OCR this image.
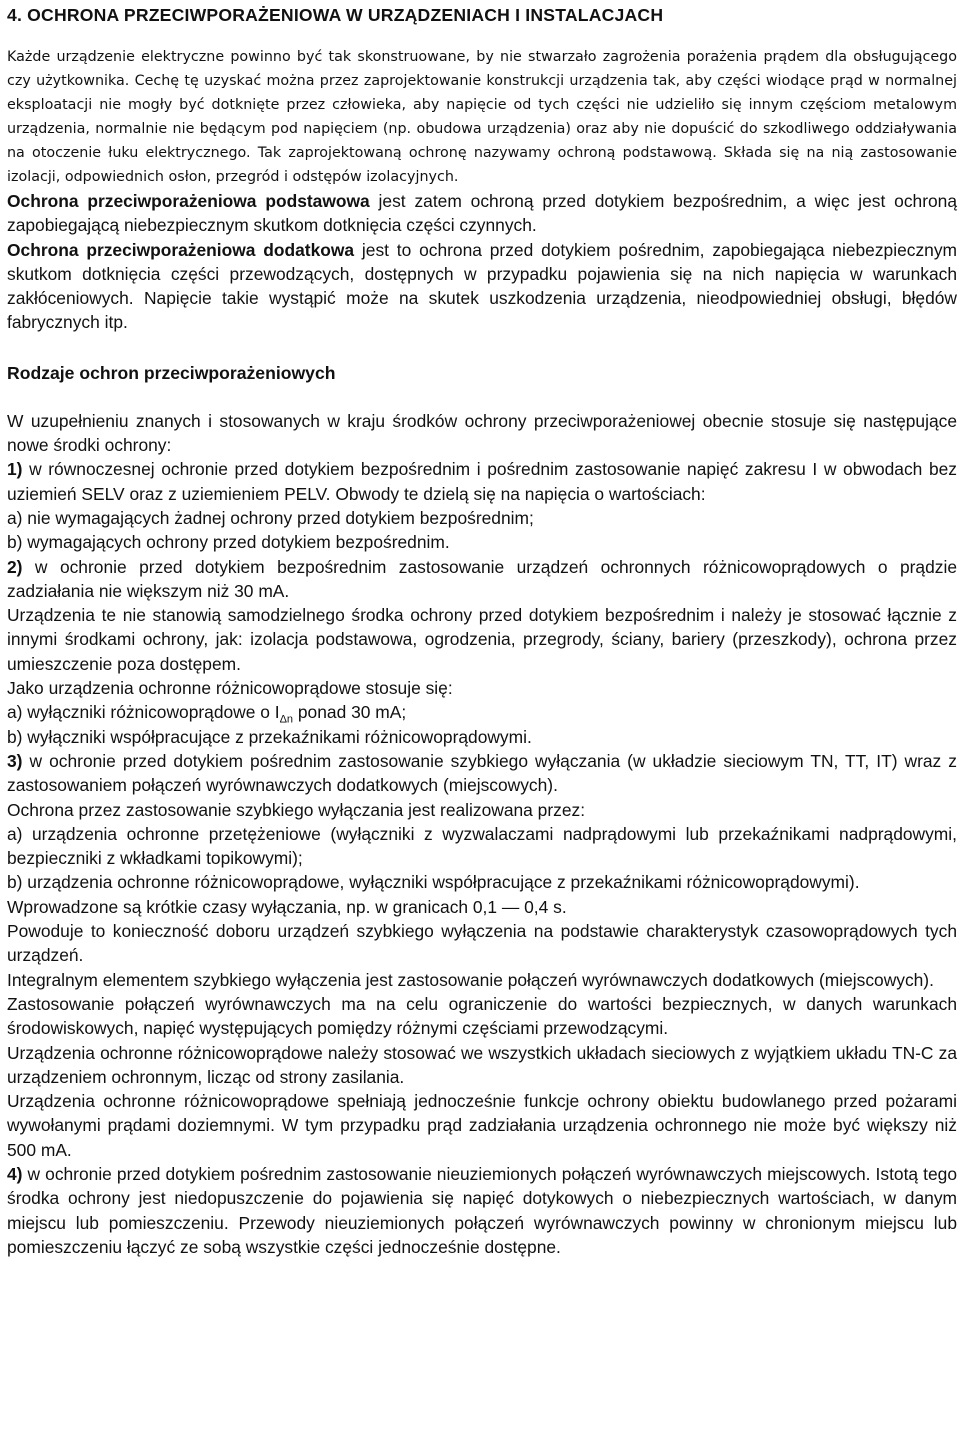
4. OCHRONA PRZECIWPORAŻENIOWA W URZĄDZENIACH I INSTALACJACH

Każde urządzenie elektryczne powinno być tak skonstruowane, by nie stwarzało zagrożenia porażenia prądem dla obsługującego czy użytkownika. Cechę tę uzyskać można przez zaprojektowanie konstrukcji urządzenia tak, aby części wiodące prąd w normalnej eksploatacji nie mogły być dotknięte przez człowieka, aby napięcie od tych części nie udzieliło się innym częściom metalowym urządzenia, normalnie nie będącym pod napięciem (np. obudowa urządzenia) oraz aby nie dopuścić do szkodliwego oddziaływania na otoczenie łuku elektrycznego. Tak zaprojektowaną ochronę nazywamy ochroną podstawową. Składa się na nią zastosowanie izolacji, odpowiednich osłon, przegród i odstępów izolacyjnych.

Ochrona przeciwporażeniowa podstawowa jest zatem ochroną przed dotykiem bezpośrednim, a więc jest ochroną zapobiegającą niebezpiecznym skutkom dotknięcia części czynnych.

Ochrona przeciwporażeniowa dodatkowa jest to ochrona przed dotykiem pośrednim, zapobiegająca niebezpiecznym skutkom dotknięcia części przewodzących, dostępnych w przypadku pojawienia się na nich napięcia w warunkach zakłóceniowych. Napięcie takie wystąpić może na skutek uszkodzenia urządzenia, nieodpowiedniej obsługi, błędów fabrycznych itp.

Rodzaje ochron przeciwporażeniowych

W uzupełnieniu znanych i stosowanych w kraju środków ochrony przeciwporażeniowej obecnie stosuje się następujące nowe środki ochrony:

1) w równoczesnej ochronie przed dotykiem bezpośrednim i pośrednim zastosowanie napięć zakresu I w obwodach bez uziemień SELV oraz z uziemieniem PELV. Obwody te dzielą się na napięcia o wartościach:

a) nie wymagających żadnej ochrony przed dotykiem bezpośrednim;

b) wymagających ochrony przed dotykiem bezpośrednim.

2) w ochronie przed dotykiem bezpośrednim zastosowanie urządzeń ochronnych różnicowoprądowych o prądzie zadziałania nie większym niż 30 mA.

Urządzenia te nie stanowią samodzielnego środka ochrony przed dotykiem bezpośrednim i należy je stosować łącznie z innymi środkami ochrony, jak: izolacja podstawowa, ogrodzenia, przegrody, ściany, bariery (przeszkody), ochrona przez umieszczenie poza dostępem.

Jako urządzenia ochronne różnicowoprądowe stosuje się:

a) wyłączniki różnicowoprądowe o $I_{\Delta n}$ ponad 30 mA;

b) wyłączniki współpracujące z przekaźnikami różnicowoprądowymi.

3) w ochronie przed dotykiem pośrednim zastosowanie szybkiego wyłączania (w układzie sieciowym TN, TT, IT) wraz z zastosowaniem połączeń wyrównawczych dodatkowych (miejscowych).

Ochrona przez zastosowanie szybkiego wyłączania jest realizowana przez:

a) urządzenia ochronne przetężeniowe (wyłączniki z wyzwalaczami nadprądowymi lub przekaźnikami nadprądowymi, bezpieczniki z wkładkami topikowymi);

b) urządzenia ochronne różnicowoprądowe, wyłączniki współpracujące z przekaźnikami różnicowoprądowymi).

Wprowadzone są krótkie czasy wyłączania, np. w granicach 0,1 — 0,4 s.

Powoduje to konieczność doboru urządzeń szybkiego wyłączenia na podstawie charakterystyk czasowoprądowych tych urządzeń.

Integralnym elementem szybkiego wyłączenia jest zastosowanie połączeń wyrównawczych dodatkowych (miejscowych).

Zastosowanie połączeń wyrównawczych ma na celu ograniczenie do wartości bezpiecznych, w danych warunkach środowiskowych, napięć występujących pomiędzy różnymi częściami przewodzącymi.

Urządzenia ochronne różnicowoprądowe należy stosować we wszystkich układach sieciowych z wyjątkiem układu TN-C za urządzeniem ochronnym, licząc od strony zasilania.

Urządzenia ochronne różnicowoprądowe spełniają jednocześnie funkcje ochrony obiektu budowlanego przed pożarami wywołanymi prądami doziemnymi. W tym przypadku prąd zadziałania urządzenia ochronnego nie może być większy niż 500 mA.

4) w ochronie przed dotykiem pośrednim zastosowanie nieuziemionych połączeń wyrównawczych miejscowych. Istotą tego środka ochrony jest niedopuszczenie do pojawienia się napięć dotykowych o niebezpiecznych wartościach, w danym miejscu lub pomieszczeniu. Przewody nieuziemionych połączeń wyrównawczych powinny w chronionym miejscu lub pomieszczeniu łączyć ze sobą wszystkie części jednocześnie dostępne.
